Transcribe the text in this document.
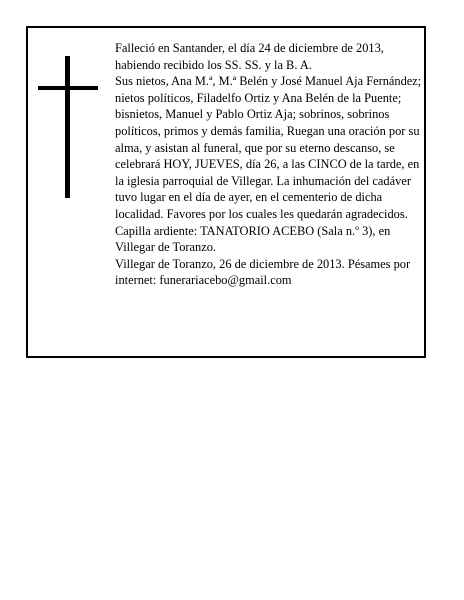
Falleció en Santander, el día 24 de diciembre de 2013, habiendo recibido los SS. SS. y la B. A.

Sus nietos, Ana M.ª, M.ª Belén y José Manuel Aja Fernández; nietos políticos, Filadelfo Ortiz y Ana Belén de la Puente; bisnietos, Manuel y Pablo Ortiz Aja; sobrinos, sobrinos políticos, primos y demás familia, Ruegan una oración por su alma, y asistan al funeral, que por su eterno descanso, se celebrará HOY, JUEVES, día 26, a las CINCO de la tarde, en la iglesia parroquial de Villegar. La inhumación del cadáver tuvo lugar en el día de ayer, en el cementerio de dicha localidad. Favores por los cuales les quedarán agradecidos. Capilla ardiente: TANATORIO ACEBO (Sala n.º 3), en Villegar de Toranzo.

Villegar de Toranzo, 26 de diciembre de 2013. Pésames por internet: funerariacebo@gmail.com
